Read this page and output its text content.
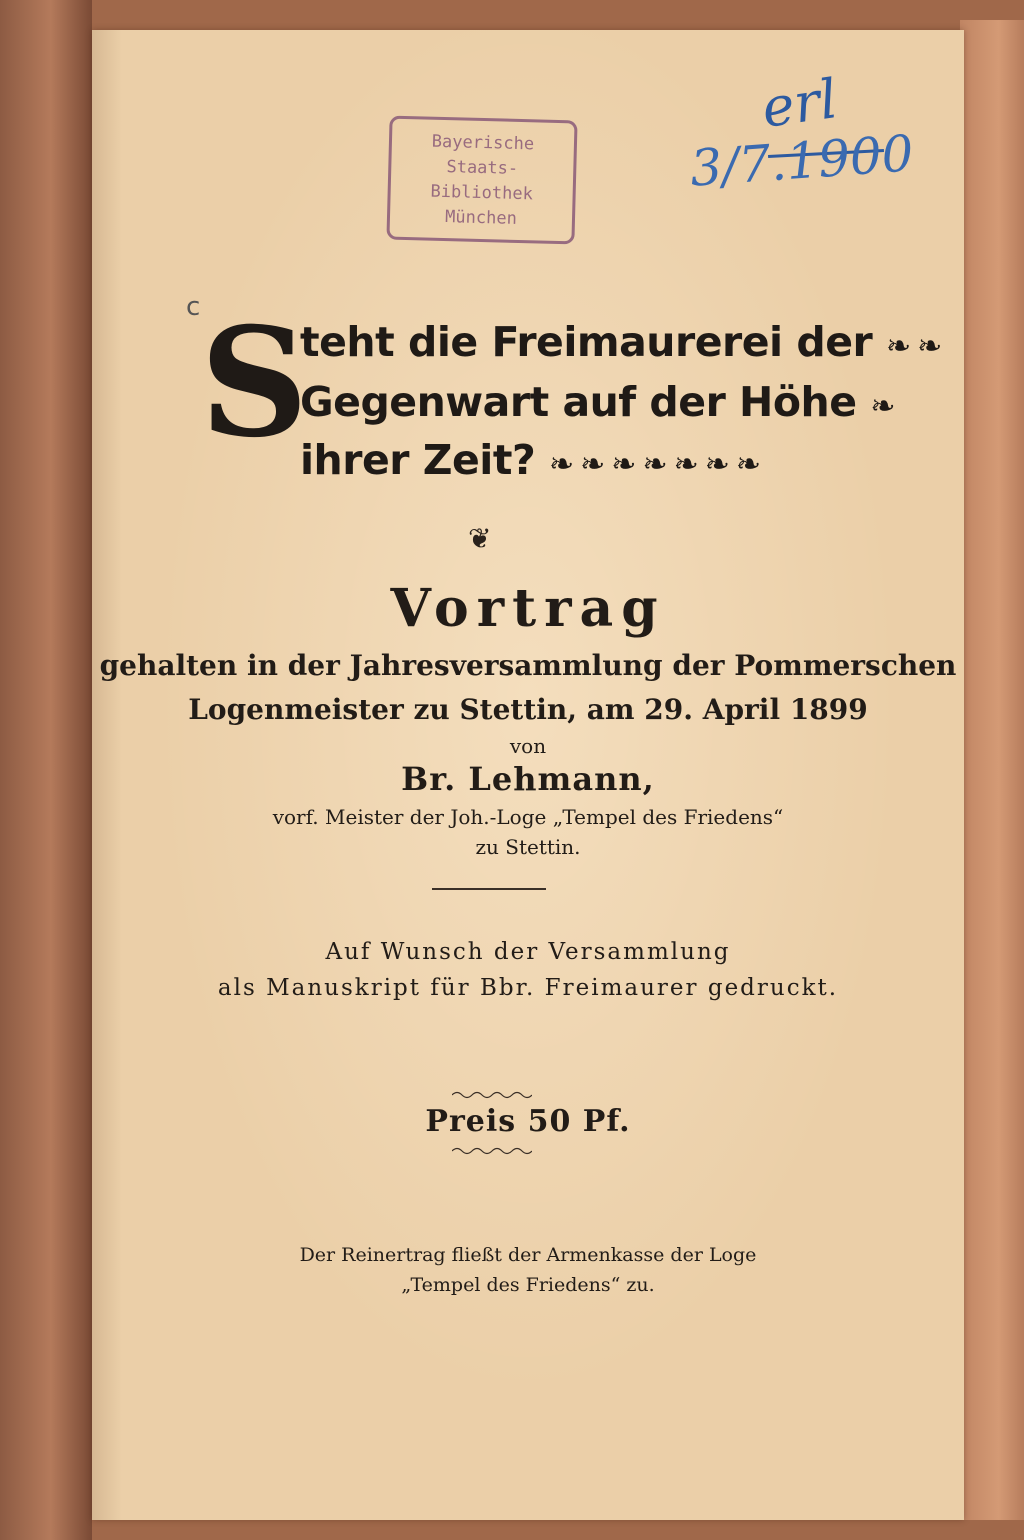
Bayerische
Staats-
Bibliothek
München
erl
3/7.1900
c S
teht die Freimaurerei der ❧❧
Gegenwart auf der Höhe ❧
ihrer Zeit? ❧❧❧❧❧❧❧
❦
Vortrag
gehalten in der Jahresversammlung der Pommerschen
Logenmeister zu Stettin, am 29. April 1899
von
Br. Lehmann,
vorf. Meister der Joh.-Loge „Tempel des Friedens“
zu Stettin.
Auf Wunsch der Versammlung
als Manuskript für Bbr. Freimaurer gedruckt.
Preis 50 Pf.
Der Reinertrag fließt der Armenkasse der Loge
„Tempel des Friedens“ zu.
